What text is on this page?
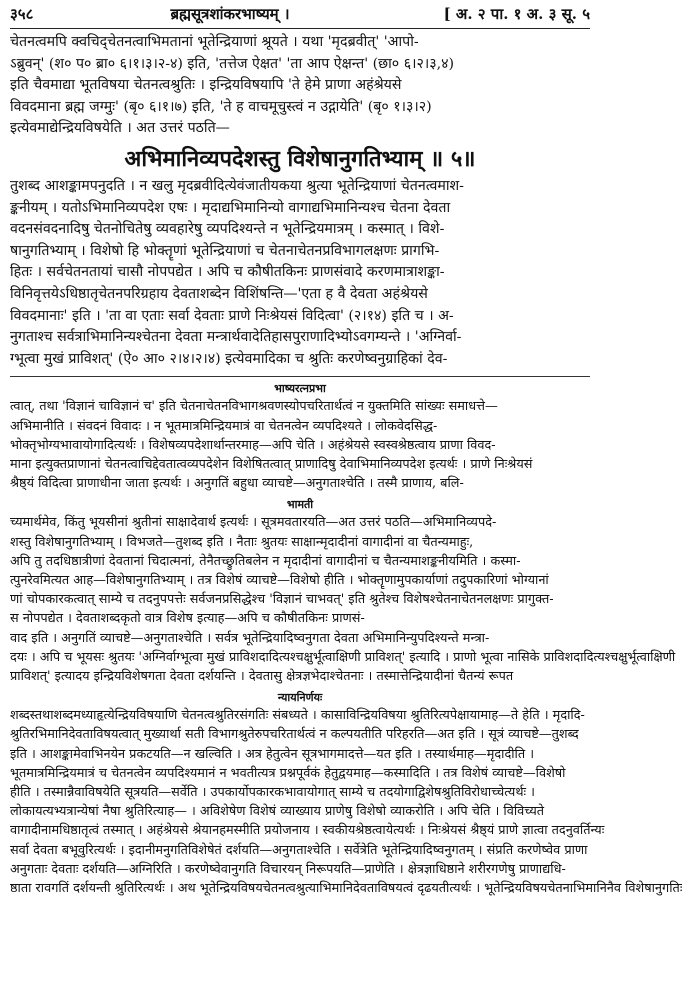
३५८	ब्रह्मसूत्रशांकरभाष्यम् ।	[ अ. २ पा. १ अ. ३ सू. ५
चेतनत्वमपि क्वचिद्चेतनत्वाभिमतानां भूतेन्द्रियाणां श्रूयते । यथा 'मृदब्रवीत्' 'आपो-
ऽब्रुवन्' (श० प० ब्रा० ६।१।३।२-४) इति, 'तत्तेज ऐक्षत' 'ता आप ऐक्षन्त' (छा० ६।२।३,४)
इति चैवमाद्या भूतविषया चेतनत्वश्रुतिः । इन्द्रियविषयापि 'ते हेमे प्राणा अहंश्रेयसे
विवदमाना ब्रह्म जग्मुः' (बृ० ६।१।७) इति, 'ते ह वाचमूचुस्त्वं न उद्गायेति' (बृ० १।३।२)
इत्येवमाद्येन्द्रियविषयेति । अत उत्तरं पठति—
अभिमानिव्यपदेशस्तु विशेषानुगतिभ्याम् ॥ ५॥
तुशब्द आशङ्कामपनुदति । न खलु मृदब्रवीदित्येवंजातीयकया श्रुत्या भूतेन्द्रियाणां चेतनत्वमाश-
ङ्कनीयम् । यतोऽभिमानिव्यपदेश एषः । मृदाद्यभिमानिन्यो वागाद्यभिमानिन्यश्च चेतना देवता
वदनसंवदनादिषु चेतनोचितेषु व्यवहारेषु व्यपदिश्यन्ते न भूतेन्द्रियमात्रम् । कस्मात् । विशे-
षानुगतिभ्याम् । विशेषो हि भोक्तॄणां भूतेन्द्रियाणां च चेतनाचेतनप्रविभागलक्षणः प्रागभि-
हितः । सर्वचेतनतायां चासौ नोपपद्येत । अपि च कौषीतकिनः प्राणसंवादे करणमात्राशङ्का-
विनिवृत्तयेऽधिष्ठातृचेतनपरिग्रहाय देवताशब्देन विशिंषन्ति—'एता ह वै देवता अहंश्रेयसे
विवदमानाः' इति । 'ता वा एताः सर्वा देवताः प्राणे निःश्रेयसं विदित्वा' (२।१४) इति च । अ-
नुगताश्च सर्वत्राभिमानिन्यश्चेतना देवता मन्त्रार्थवादेतिहासपुराणादिभ्योऽवगम्यन्ते । 'अग्निर्वा-
ग्भूत्वा मुखं प्राविशत्' (ऐ० आ० २।४।२।४) इत्येवमादिका च श्रुतिः करणेष्वनुग्राहिकां देव-
भाष्यरत्नप्रभा
त्वात्, तथा 'विज्ञानं चाविज्ञानं च' इति चेतनाचेतनविभागश्रवणस्योपचरितार्थत्वं न युक्तमिति सांख्यः समाधत्ते—
अभिमानीति । संवदनं विवादः । न भूतमात्रमिन्द्रियमात्रं वा चेतनत्वेन व्यपदिश्यते । लोकवेदसिद्ध-
भोक्तृभोग्यभावायोगादित्यर्थः । विशेषव्यपदेशार्थान्तरमाह—अपि चेति । अहंश्रेयसे स्वस्वश्रेष्ठत्वाय प्राणा विवद-
माना इत्युक्तप्राणानां चेतनत्वाचिद्देवतात्वव्यपदेशेन विशेषितत्वात् प्राणादिषु देवाभिमानिव्यपदेश इत्यर्थः । प्राणे निःश्रेयसं
श्रैष्ठ्यं विदित्वा प्राणाधीना जाता इत्यर्थः । अनुगतिं बहुधा व्याचष्टे—अनुगताश्चेति । तस्मै प्राणाय, बलि-
भामती
च्यमार्थमेव, किंतु भूयसीनां श्रुतीनां साक्षादेवार्थ इत्यर्थः । सूत्रमवतारयति—अत उत्तरं पठति—अभिमानिव्यपदे-
शस्तु विशेषानुगतिभ्याम् । विभजते—तुशब्द इति । नैताः श्रुतयः साक्षान्मृदादीनां वागादीनां वा चैतन्यमाहुः,
अपि तु तदधिष्ठात्रीणां देवतानां चिदात्मनां, तेनैतच्छ्रुतिबलेन न मृदादीनां वागादीनां च चैतन्यमाशङ्कनीयमिति । कस्मा-
त्पुनरेवमित्यत आह—विशेषानुगतिभ्याम् । तत्र विशेषं व्याचष्टे—विशेषो हीति । भोक्तॄणामुपकार्याणां तदुपकारिणां भोग्यानां
णां चोपकारकत्वात् साम्ये च तदनुपपत्तेः सर्वजनप्रसिद्धेश्च 'विज्ञानं चाभवत्' इति श्रुतेश्च विशेषश्चेतनाचेतनलक्षणः प्रागुक्त-
स नोपपद्येत । देवताशब्दकृतो वात्र विशेष इत्याह—अपि च कौषीतकिनः प्राणसं-
वाद इति । अनुगतिं व्याचष्टे—अनुगताश्चेति । सर्वत्र भूतेन्द्रियादिष्वनुगता देवता अभिमानिन्युपदिश्यन्ते मन्त्रा-
दयः । अपि च भूयसः श्रुतयः 'अग्निर्वाग्भूत्वा मुखं प्राविशदादित्यश्चक्षुर्भूत्वाक्षिणी प्राविशत्' इत्यादि । प्राणो भूत्वा नासिके प्राविशदादित्यश्चक्षुर्भूत्वाक्षिणी
प्राविशत्' इत्यादय इन्द्रियविशेषगता देवता दर्शयन्ति । देवतासु क्षेत्रज्ञभेदाश्चेतनाः । तस्मात्तेन्द्रियादीनां चैतन्यं रूपत
न्यायनिर्णयः
शब्दस्तथाशब्दमध्याहृत्येन्द्रियविषयाणि चेतनत्वश्रुतिरसंगतिः संबध्यते । कासाविन्द्रियविषया श्रुतिरित्यपेक्षायामाह—ते हेति । मृदादि-
श्रुतिरभिमानिदेवताविषयत्वात् मुख्यार्था सती विभागश्रुतेरुपचरितार्थत्वं न कल्पयतीति परिहरति—अत इति । सूत्रं व्याचष्टे—तुशब्द
इति । आशङ्कामेवाभिनयेन प्रकटयति—न खल्विति । अत्र हेतुत्वेन सूत्रभागमादत्ते—यत इति । तस्यार्थमाह—मृदादीति ।
भूतमात्रमिन्द्रियमात्रं च चेतनत्वेन व्यपदिश्यमानं न भवतीत्यत्र प्रश्नपूर्वकं हेतुद्वयमाह—कस्मादिति । तत्र विशेषं व्याचष्टे—विशेषो
हीति । तस्मान्नैवाविषयेति सूत्रयति—सर्वेति । उपकार्योपकारकभावायोगात् साम्ये च तदयोगाद्विशेषश्रुतिविरोधाच्चेत्यर्थः ।
लोकायत्यभ्यत्रान्येषां नैषा श्रुतिरित्याह— । अविशेषेण विशेषं व्याख्याय प्राणेषु विशेषो व्याकरोति । अपि चेति । विविच्यते
वागादीनामधिष्ठातृत्वं तस्मात् । अहंश्रेयसे श्रेयानहमस्मीति प्रयोजनाय । स्वकीयश्रेष्ठत्वायेत्यर्थः । निःश्रेयसं श्रैष्ठ्यं प्राणे ज्ञात्वा तदनुवर्तिन्यः
सर्वा देवता बभूवुरित्यर्थः । इदानीमनुगतिविशेषेतं दर्शयति—अनुगताश्चेति । सर्वेत्रेति भूतेन्द्रियादिष्वनुगतम् । संप्रति करणेष्वेव प्राणा
अनुगताः देवताः दर्शयति—अग्निरिति । करणेष्वेवानुगति विचारयन् निरूपयति—प्राणेति । क्षेत्रज्ञाधिष्ठाने शरीरगणेषु प्राणाद्यधि-
ष्ठाता रावगतिं दर्शयन्ती श्रुतिरित्यर्थः । अथ भूतेन्द्रियविषयचेतनत्वश्रुत्याभिमानिदेवताविषयत्वं दृढयतीत्यर्थः । भूतेन्द्रियविषयचेतनाभिमानिनैव विशेषानुगतिः
